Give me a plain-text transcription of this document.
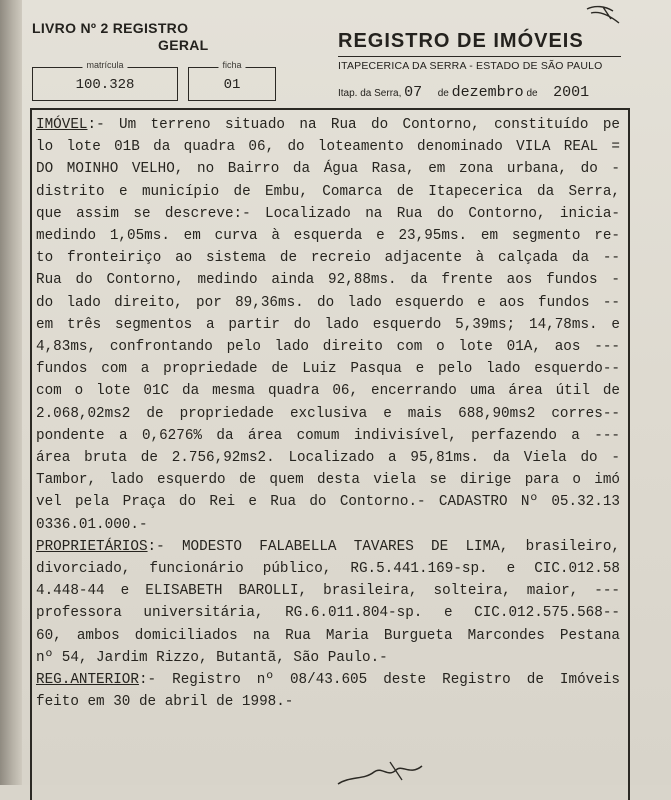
LIVRO Nº 2 REGISTRO
GERAL
matrícula
100.328
ficha
01
REGISTRO DE IMÓVEIS
ITAPECERICA DA SERRA - ESTADO DE SÃO PAULO
Itap. da Serra, 07 de dezembro de 2001
IMÓVEL:- Um terreno situado na Rua do Contorno, constituído pe
lo lote 01B da quadra 06, do loteamento denominado VILA REAL =
DO MOINHO VELHO, no Bairro da Água Rasa, em zona urbana, do -
distrito e município de Embu, Comarca de Itapecerica da Serra,
que assim se descreve:- Localizado na Rua do Contorno, inicia-
medindo 1,05ms. em curva à esquerda e 23,95ms. em segmento re-
to fronteiriço ao sistema de recreio adjacente à calçada da --
Rua do Contorno, medindo ainda 92,88ms. da frente aos fundos -
do lado direito, por 89,36ms. do lado esquerdo e aos fundos --
em três segmentos a partir do lado esquerdo 5,39ms; 14,78ms. e
4,83ms, confrontando pelo lado direito com o lote 01A, aos ---
fundos com a propriedade de Luiz Pasqua e pelo lado esquerdo--
com o lote 01C da mesma quadra 06, encerrando uma área útil de
2.068,02ms2 de propriedade exclusiva e mais 688,90ms2 corres--
pondente a 0,6276% da área comum indivisível, perfazendo a ---
área bruta de 2.756,92ms2. Localizado a 95,81ms. da Viela do -
Tambor, lado esquerdo de quem desta viela se dirige para o imó
vel pela Praça do Rei e Rua do Contorno.- CADASTRO Nº 05.32.13
0336.01.000.-
PROPRIETÁRIOS:- MODESTO FALABELLA TAVARES DE LIMA, brasileiro,
divorciado, funcionário público, RG.5.441.169-sp. e CIC.012.58
4.448-44 e ELISABETH BAROLLI, brasileira, solteira, maior, ---
professora universitária, RG.6.011.804-sp. e CIC.012.575.568--
60, ambos domiciliados na Rua Maria Burgueta Marcondes Pestana
nº 54, Jardim Rizzo, Butantã, São Paulo.-
REG.ANTERIOR:- Registro nº 08/43.605 deste Registro de Imóveis
feito em 30 de abril de 1998.-
